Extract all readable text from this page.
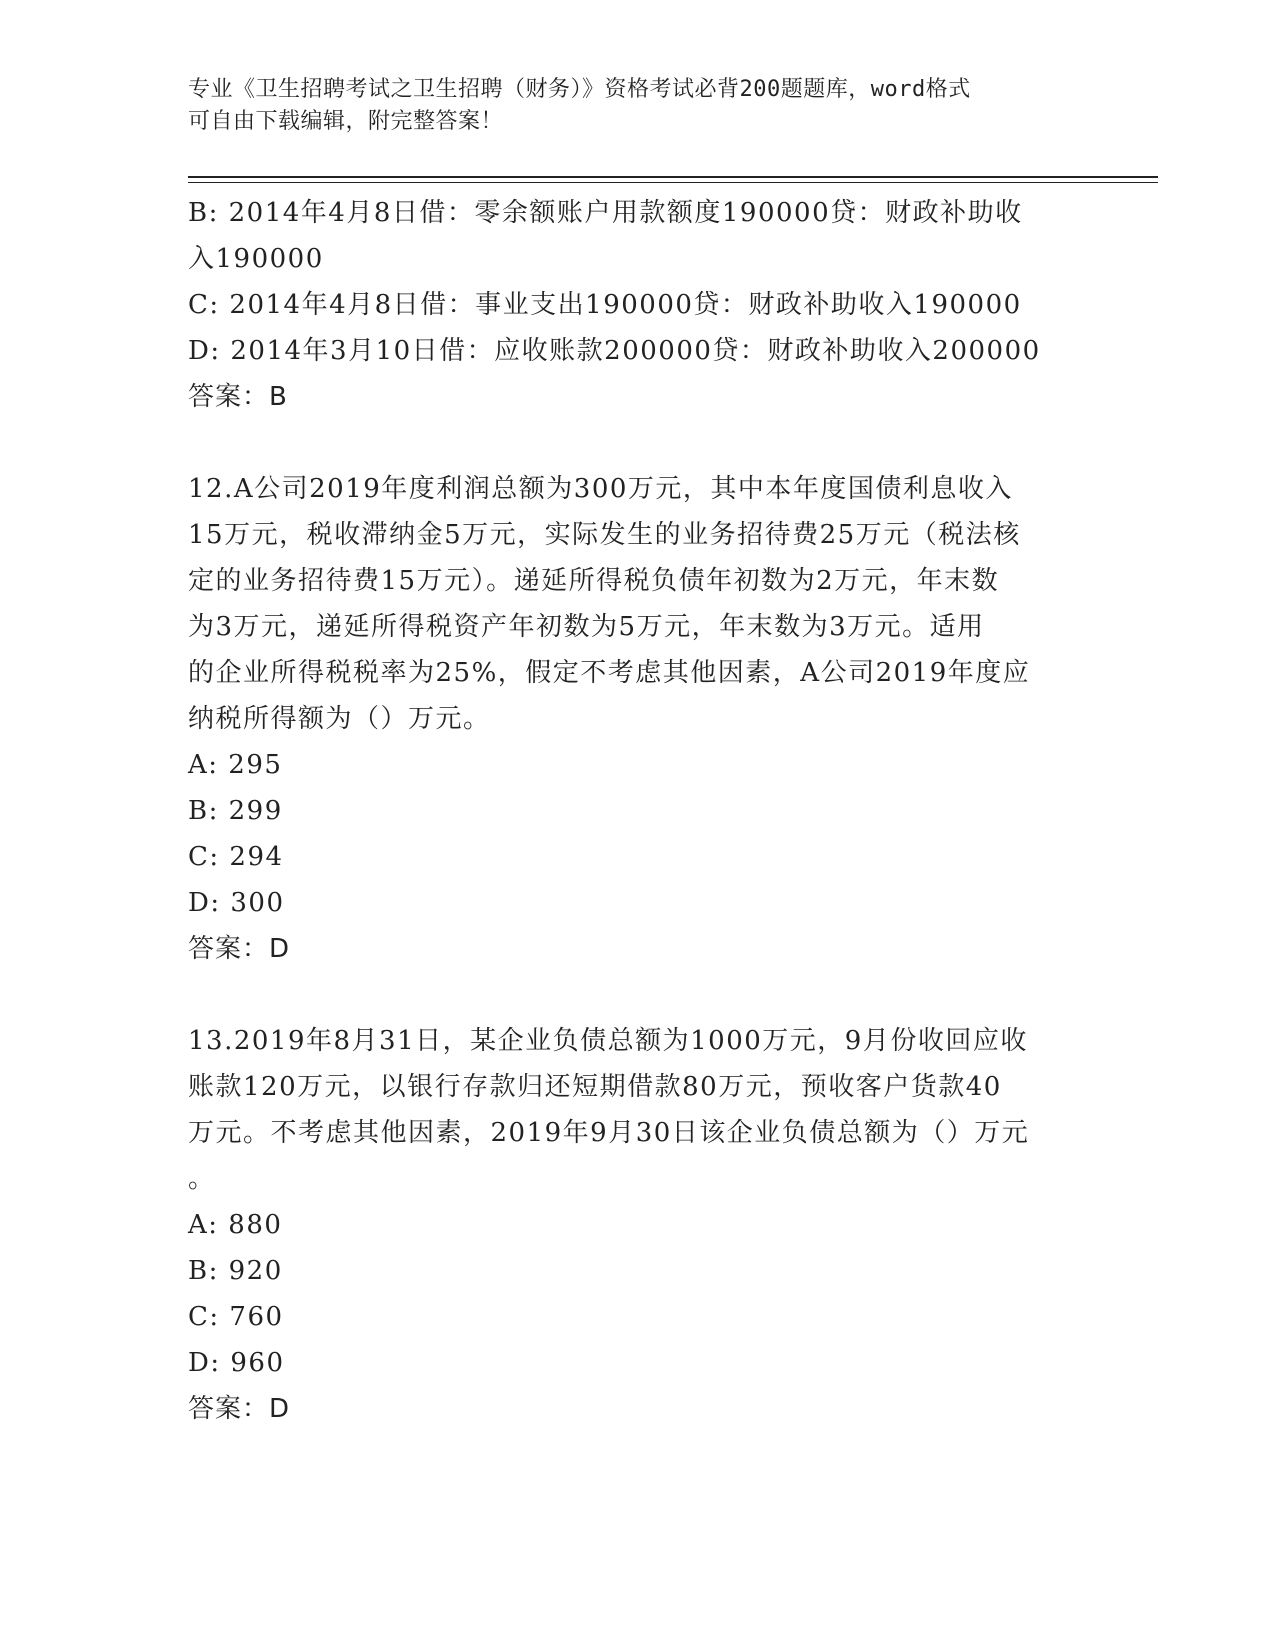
专业《卫生招聘考试之卫生招聘（财务）》资格考试必背200题题库，word格式
可自由下载编辑，附完整答案！
B: 2014年4月8日借：零余额账户用款额度190000贷：财政补助收
入190000
C: 2014年4月8日借：事业支出190000贷：财政补助收入190000
D: 2014年3月10日借：应收账款200000贷：财政补助收入200000
答案：B
12.A公司2019年度利润总额为300万元，其中本年度国债利息收入
15万元，税收滞纳金5万元，实际发生的业务招待费25万元（税法核
定的业务招待费15万元）。递延所得税负债年初数为2万元，年末数
为3万元，递延所得税资产年初数为5万元，年末数为3万元。适用
的企业所得税税率为25%，假定不考虑其他因素，A公司2019年度应
纳税所得额为（）万元。
A: 295
B: 299
C: 294
D: 300
答案：D
13.2019年8月31日，某企业负债总额为1000万元，9月份收回应收
账款120万元，以银行存款归还短期借款80万元，预收客户货款40
万元。不考虑其他因素，2019年9月30日该企业负债总额为（）万元
。
A: 880
B: 920
C: 760
D: 960
答案：D
